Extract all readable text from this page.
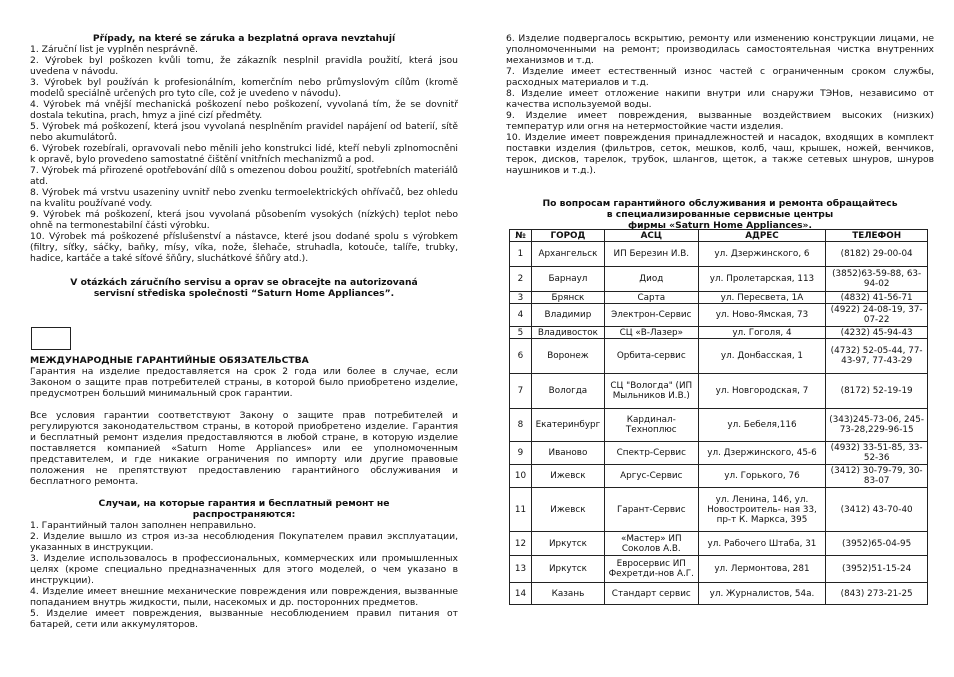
Případy, na které se záruka a bezplatná oprava nevztahují
1. Záruční list je vyplněn nesprávně.
2. Výrobek byl poškozen kvůli tomu, že zákazník nesplnil pravidla použití, která jsou uvedena v návodu.
3. Výrobek byl používán k profesionálním, komerčním nebo průmyslovým cílům (kromě modelů speciálně určených pro tyto cíle, což je uvedeno v návodu).
4. Výrobek má vnější mechanická poškození nebo poškození, vyvolaná tím, že se dovnitř dostala tekutina, prach, hmyz a jiné cizí předměty.
5. Výrobek má poškození, která jsou vyvolaná nesplněním pravidel napájení od baterií, sítě nebo akumulátorů.
6. Výrobek rozebírali, opravovali nebo měnili jeho konstrukci lidé, kteří nebyli zplnomocněni k opravě, bylo provedeno samostatné čištění vnitřních mechanizmů a pod.
7. Výrobek má přirozené opotřebování dílů s omezenou dobou použití, spotřebních materiálů atd.
8. Výrobek má vrstvu usazeniny uvnitř nebo zvenku termoelektrických ohřívačů, bez ohledu na kvalitu používané vody.
9. Výrobek má poškození, která jsou vyvolaná působením vysokých (nízkých) teplot nebo ohně na termonestabilní části výrobku.
10. Výrobek má poškozené příslušenství a nástavce, které jsou dodané spolu s výrobkem (filtry, síťky, sáčky, baňky, mísy, víka, nože, šlehače, struhadla, kotouče, talíře, trubky, hadice, kartáče a také síťové šňůry, sluchátkové šňůry atd.).
V otázkách záručního servisu a oprav se obracejte na autorizovaná servisní střediska společnosti “Saturn Home Appliances”.
МЕЖДУНАРОДНЫЕ ГАРАНТИЙНЫЕ ОБЯЗАТЕЛЬСТВА

Гарантия на изделие предоставляется на срок 2 года или более в случае, если Законом о защите прав потребителей страны, в которой было приобретено изделие, предусмотрен больший минимальный срок гарантии.

Все условия гарантии соответствуют Закону о защите прав потребителей и регулируются законодательством страны, в которой приобретено изделие. Гарантия и бесплатный ремонт изделия предоставляются в любой стране, в которую изделие поставляется компанией «Saturn Home Appliances» или ее уполномоченным представителем, и где никакие ограничения по импорту или другие правовые положения не препятствуют предоставлению гарантийного обслуживания и бесплатного ремонта.

Случаи, на которые гарантия и бесплатный ремонт не распространяются:
1. Гарантийный талон заполнен неправильно.
2. Изделие вышло из строя из-за несоблюдения Покупателем правил эксплуатации, указанных в инструкции.
3. Изделие использовалось в профессиональных, коммерческих или промышленных целях (кроме специально предназначенных для этого моделей, о чем указано в инструкции).
4. Изделие имеет внешние механические повреждения или повреждения, вызванные попаданием внутрь жидкости, пыли, насекомых и др. посторонних предметов.
5. Изделие имеет повреждения, вызванные несоблюдением правил питания от батарей, сети или аккумуляторов.
6. Изделие подвергалось вскрытию, ремонту или изменению конструкции лицами, не уполномоченными на ремонт; производилась самостоятельная чистка внутренних механизмов и т.д.
7. Изделие имеет естественный износ частей с ограниченным сроком службы, расходных материалов и т.д.
8. Изделие имеет отложение накипи внутри или снаружи ТЭНов, независимо от качества используемой воды.
9. Изделие имеет повреждения, вызванные воздействием высоких (низких) температур или огня на нетермостойкие части изделия.
10. Изделие имеет повреждения принадлежностей и насадок, входящих в комплект поставки изделия (фильтров, сеток, мешков, колб, чаш, крышек, ножей, венчиков, терок, дисков, тарелок, трубок, шлангов, щеток, а также сетевых шнуров, шнуров наушников и т.д.).
По вопросам гарантийного обслуживания и ремонта обращайтесь
в специализированные сервисные центры
фирмы «Saturn Home Appliances».
№	ГОРОД	АСЦ	АДРЕС	ТЕЛЕФОН
1	Архангельск	ИП Березин И.В.	ул. Дзержинского, 6	(8182) 29-00-04
2	Барнаул	Диод	ул. Пролетарская, 113	(3852)63-59-88, 63-94-02
3	Брянск	Сарта	ул. Пересвета, 1А	(4832) 41-56-71
4	Владимир	Электрон-Сервис	ул. Ново-Ямская, 73	(4922) 24-08-19, 37-07-22
5	Владивосток	СЦ «В-Лазер»	ул. Гоголя, 4	(4232) 45-94-43
6	Воронеж	Орбита-сервис	ул. Донбасская, 1	(4732) 52-05-44, 77-43-97, 77-43-29
7	Вологда	СЦ "Вологда" (ИП Мыльников И.В.)	ул. Новгородская, 7	(8172) 52-19-19
8	Екатеринбург	Кардинал-Техноплюс	ул. Бебеля,116	(343)245-73-06, 245-73-28,229-96-15
9	Иваново	Спектр-Сервис	ул. Дзержинского, 45-6	(4932) 33-51-85, 33-52-36
10	Ижевск	Аргус-Сервис	ул. Горького, 76	(3412) 30-79-79, 30-83-07
11	Ижевск	Гарант-Сервис	ул. Ленина, 146, ул. Новостроитель- ная 33, пр-т К. Маркса, 395	(3412) 43-70-40
12	Иркутск	«Мастер» ИП Соколов А.В.	ул. Рабочего Штаба, 31	(3952)65-04-95
13	Иркутск	Евросервис ИП Фехретди-нов А.Г.	ул. Лермонтова, 281	(3952)51-15-24
14	Казань	Стандарт сервис	ул. Журналистов, 54а.	(843) 273-21-25
